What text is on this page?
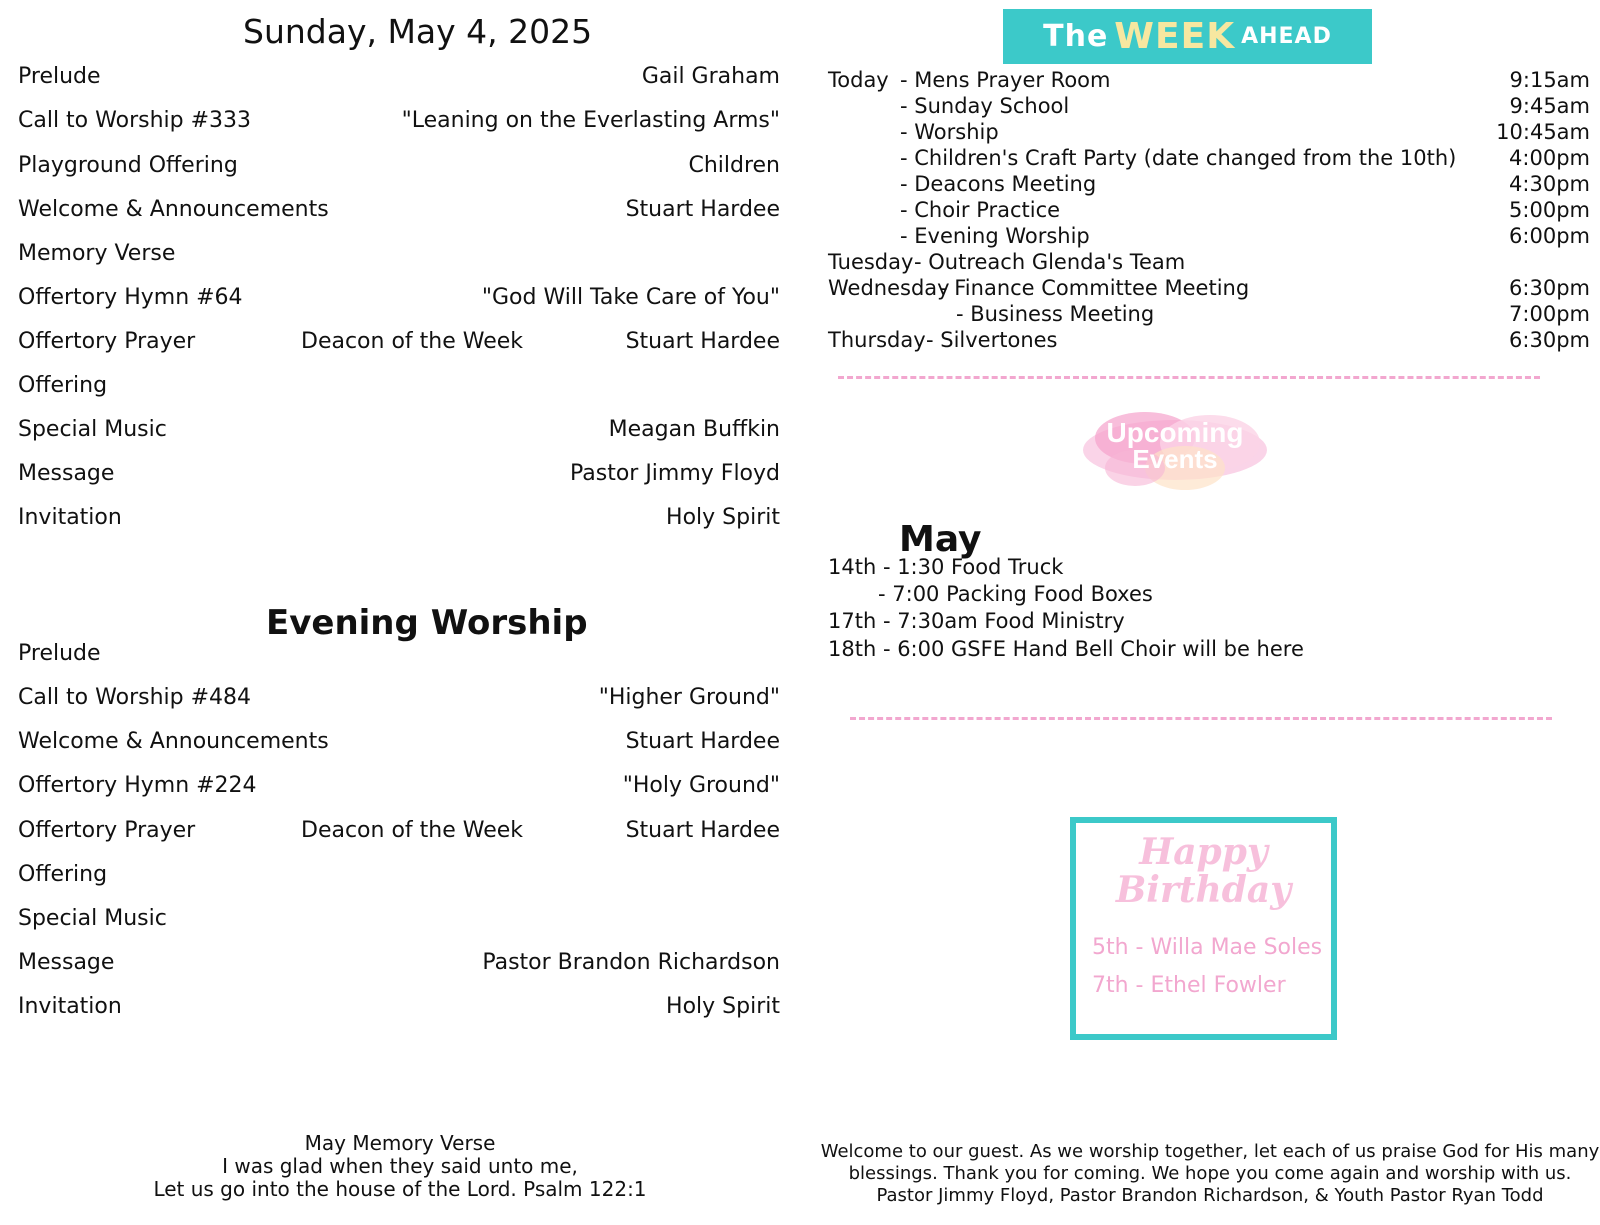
Sunday, May 4, 2025
Prelude	Gail Graham
Call to Worship #333	"Leaning on the Everlasting Arms"
Playground Offering	Children
Welcome & Announcements	Stuart Hardee
Memory Verse
Offertory Hymn #64	"God Will Take Care of You"
Offertory Prayer	Deacon of the Week	Stuart Hardee
Offering
Special Music	Meagan Buffkin
Message	Pastor Jimmy Floyd
Invitation	Holy Spirit
Evening Worship
Prelude
Call to Worship #484	"Higher Ground"
Welcome & Announcements	Stuart Hardee
Offertory Hymn #224	"Holy Ground"
Offertory Prayer	Deacon of the Week	Stuart Hardee
Offering
Special Music
Message	Pastor Brandon Richardson
Invitation	Holy Spirit
May Memory Verse
I was glad when they said unto me,
Let us go into the house of the Lord. Psalm 122:1
The WEEK AHEAD
Today - Mens Prayer Room	9:15am
- Sunday School	9:45am
- Worship	10:45am
- Children's Craft Party (date changed from the 10th)	4:00pm
- Deacons Meeting	4:30pm
- Choir Practice	5:00pm
- Evening Worship	6:00pm
Tuesday - Outreach Glenda's Team
Wednesday
- Finance Committee Meeting	6:30pm
- Business Meeting	7:00pm
Thursday - Silvertones	6:30pm
Upcoming
Events
May
14th - 1:30 Food Truck
- 7:00 Packing Food Boxes
17th - 7:30am Food Ministry
18th - 6:00 GSFE Hand Bell Choir will be here
Happy
Birthday
5th - Willa Mae Soles
7th - Ethel Fowler
Welcome to our guest. As we worship together, let each of us praise God for His many
blessings. Thank you for coming. We hope you come again and worship with us.
Pastor Jimmy Floyd, Pastor Brandon Richardson, & Youth Pastor Ryan Todd
